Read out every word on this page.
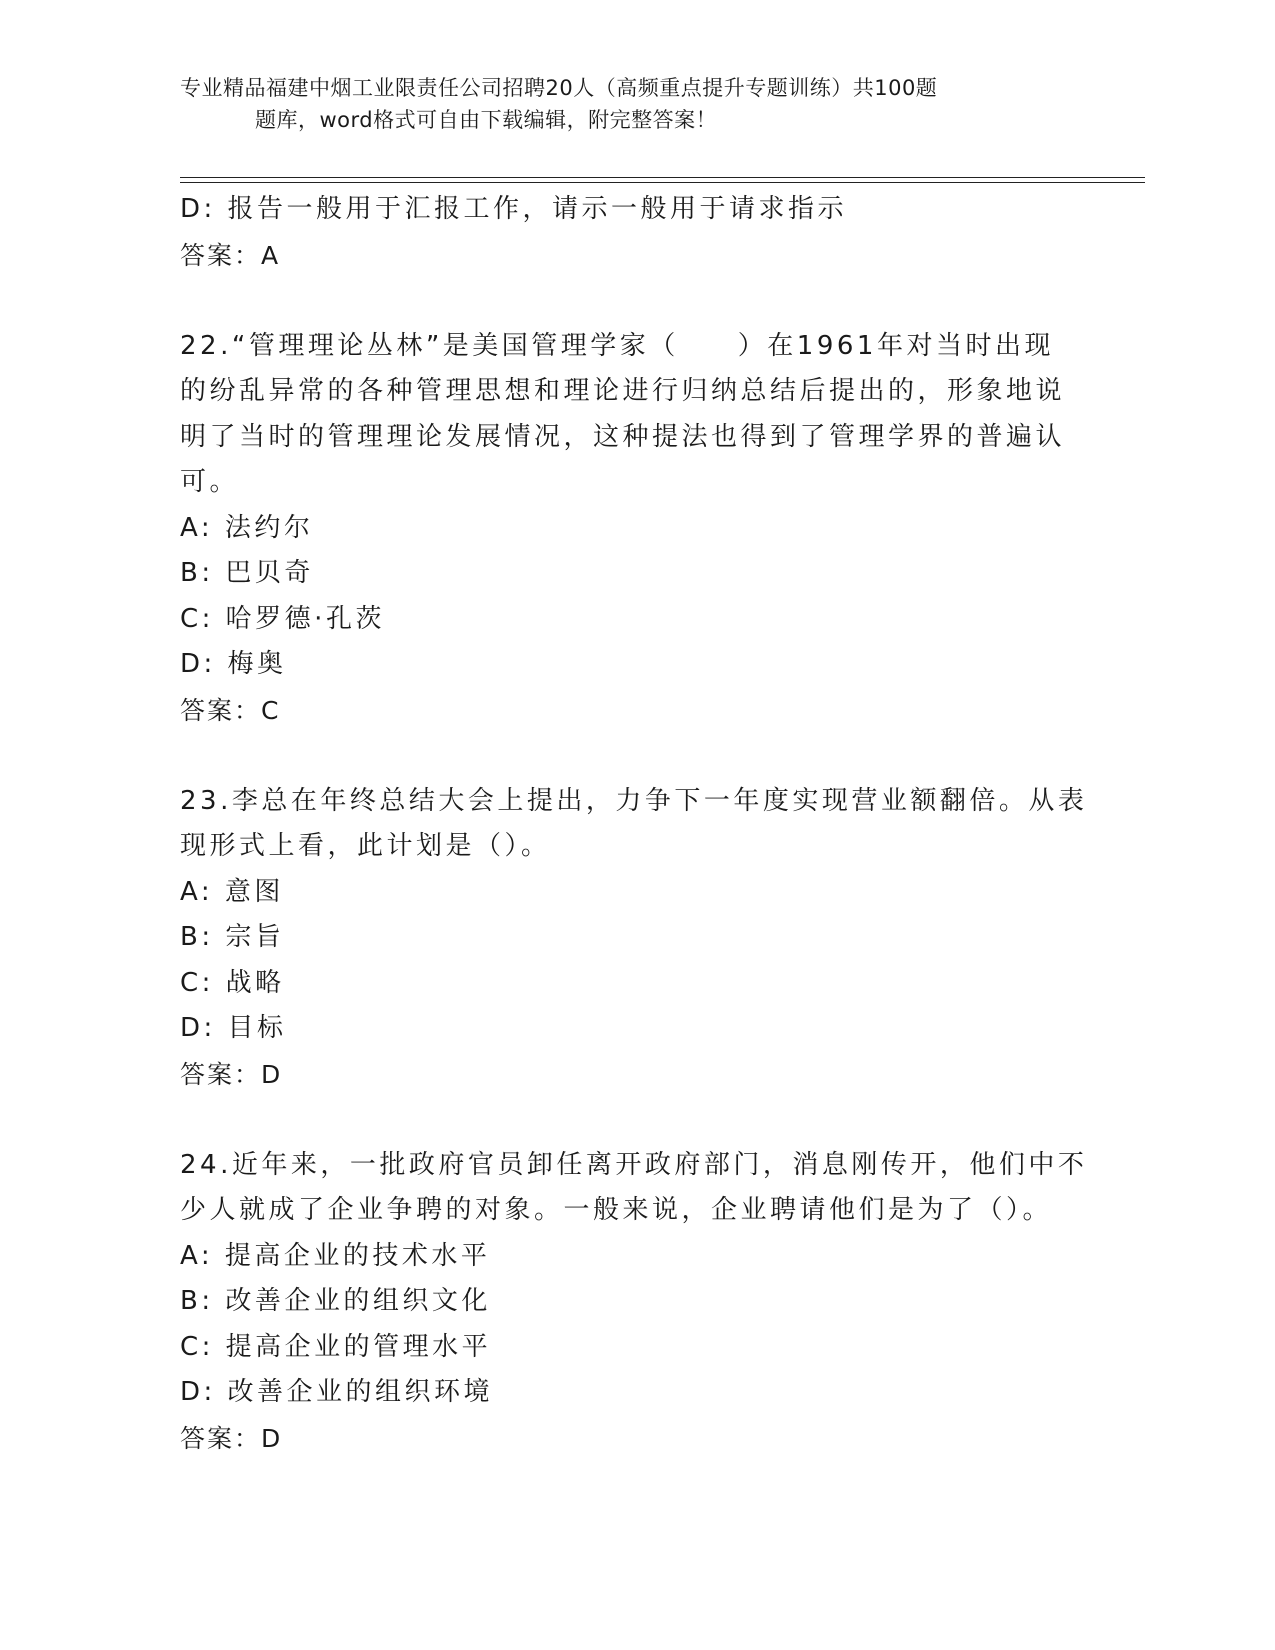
专业精品福建中烟工业限责任公司招聘20人（高频重点提升专题训练）共100题
题库，word格式可自由下载编辑，附完整答案！
D: 报告一般用于汇报工作，请示一般用于请求指示
答案：A
22.“管理理论丛林”是美国管理学家（　　）在1961年对当时出现
的纷乱异常的各种管理思想和理论进行归纳总结后提出的，形象地说
明了当时的管理理论发展情况，这种提法也得到了管理学界的普遍认
可。
A: 法约尔
B: 巴贝奇
C: 哈罗德·孔茨
D: 梅奥
答案：C
23.李总在年终总结大会上提出，力争下一年度实现营业额翻倍。从表
现形式上看，此计划是（）。
A: 意图
B: 宗旨
C: 战略
D: 目标
答案：D
24.近年来，一批政府官员卸任离开政府部门，消息刚传开，他们中不
少人就成了企业争聘的对象。一般来说，企业聘请他们是为了（）。
A: 提高企业的技术水平
B: 改善企业的组织文化
C: 提高企业的管理水平
D: 改善企业的组织环境
答案：D
